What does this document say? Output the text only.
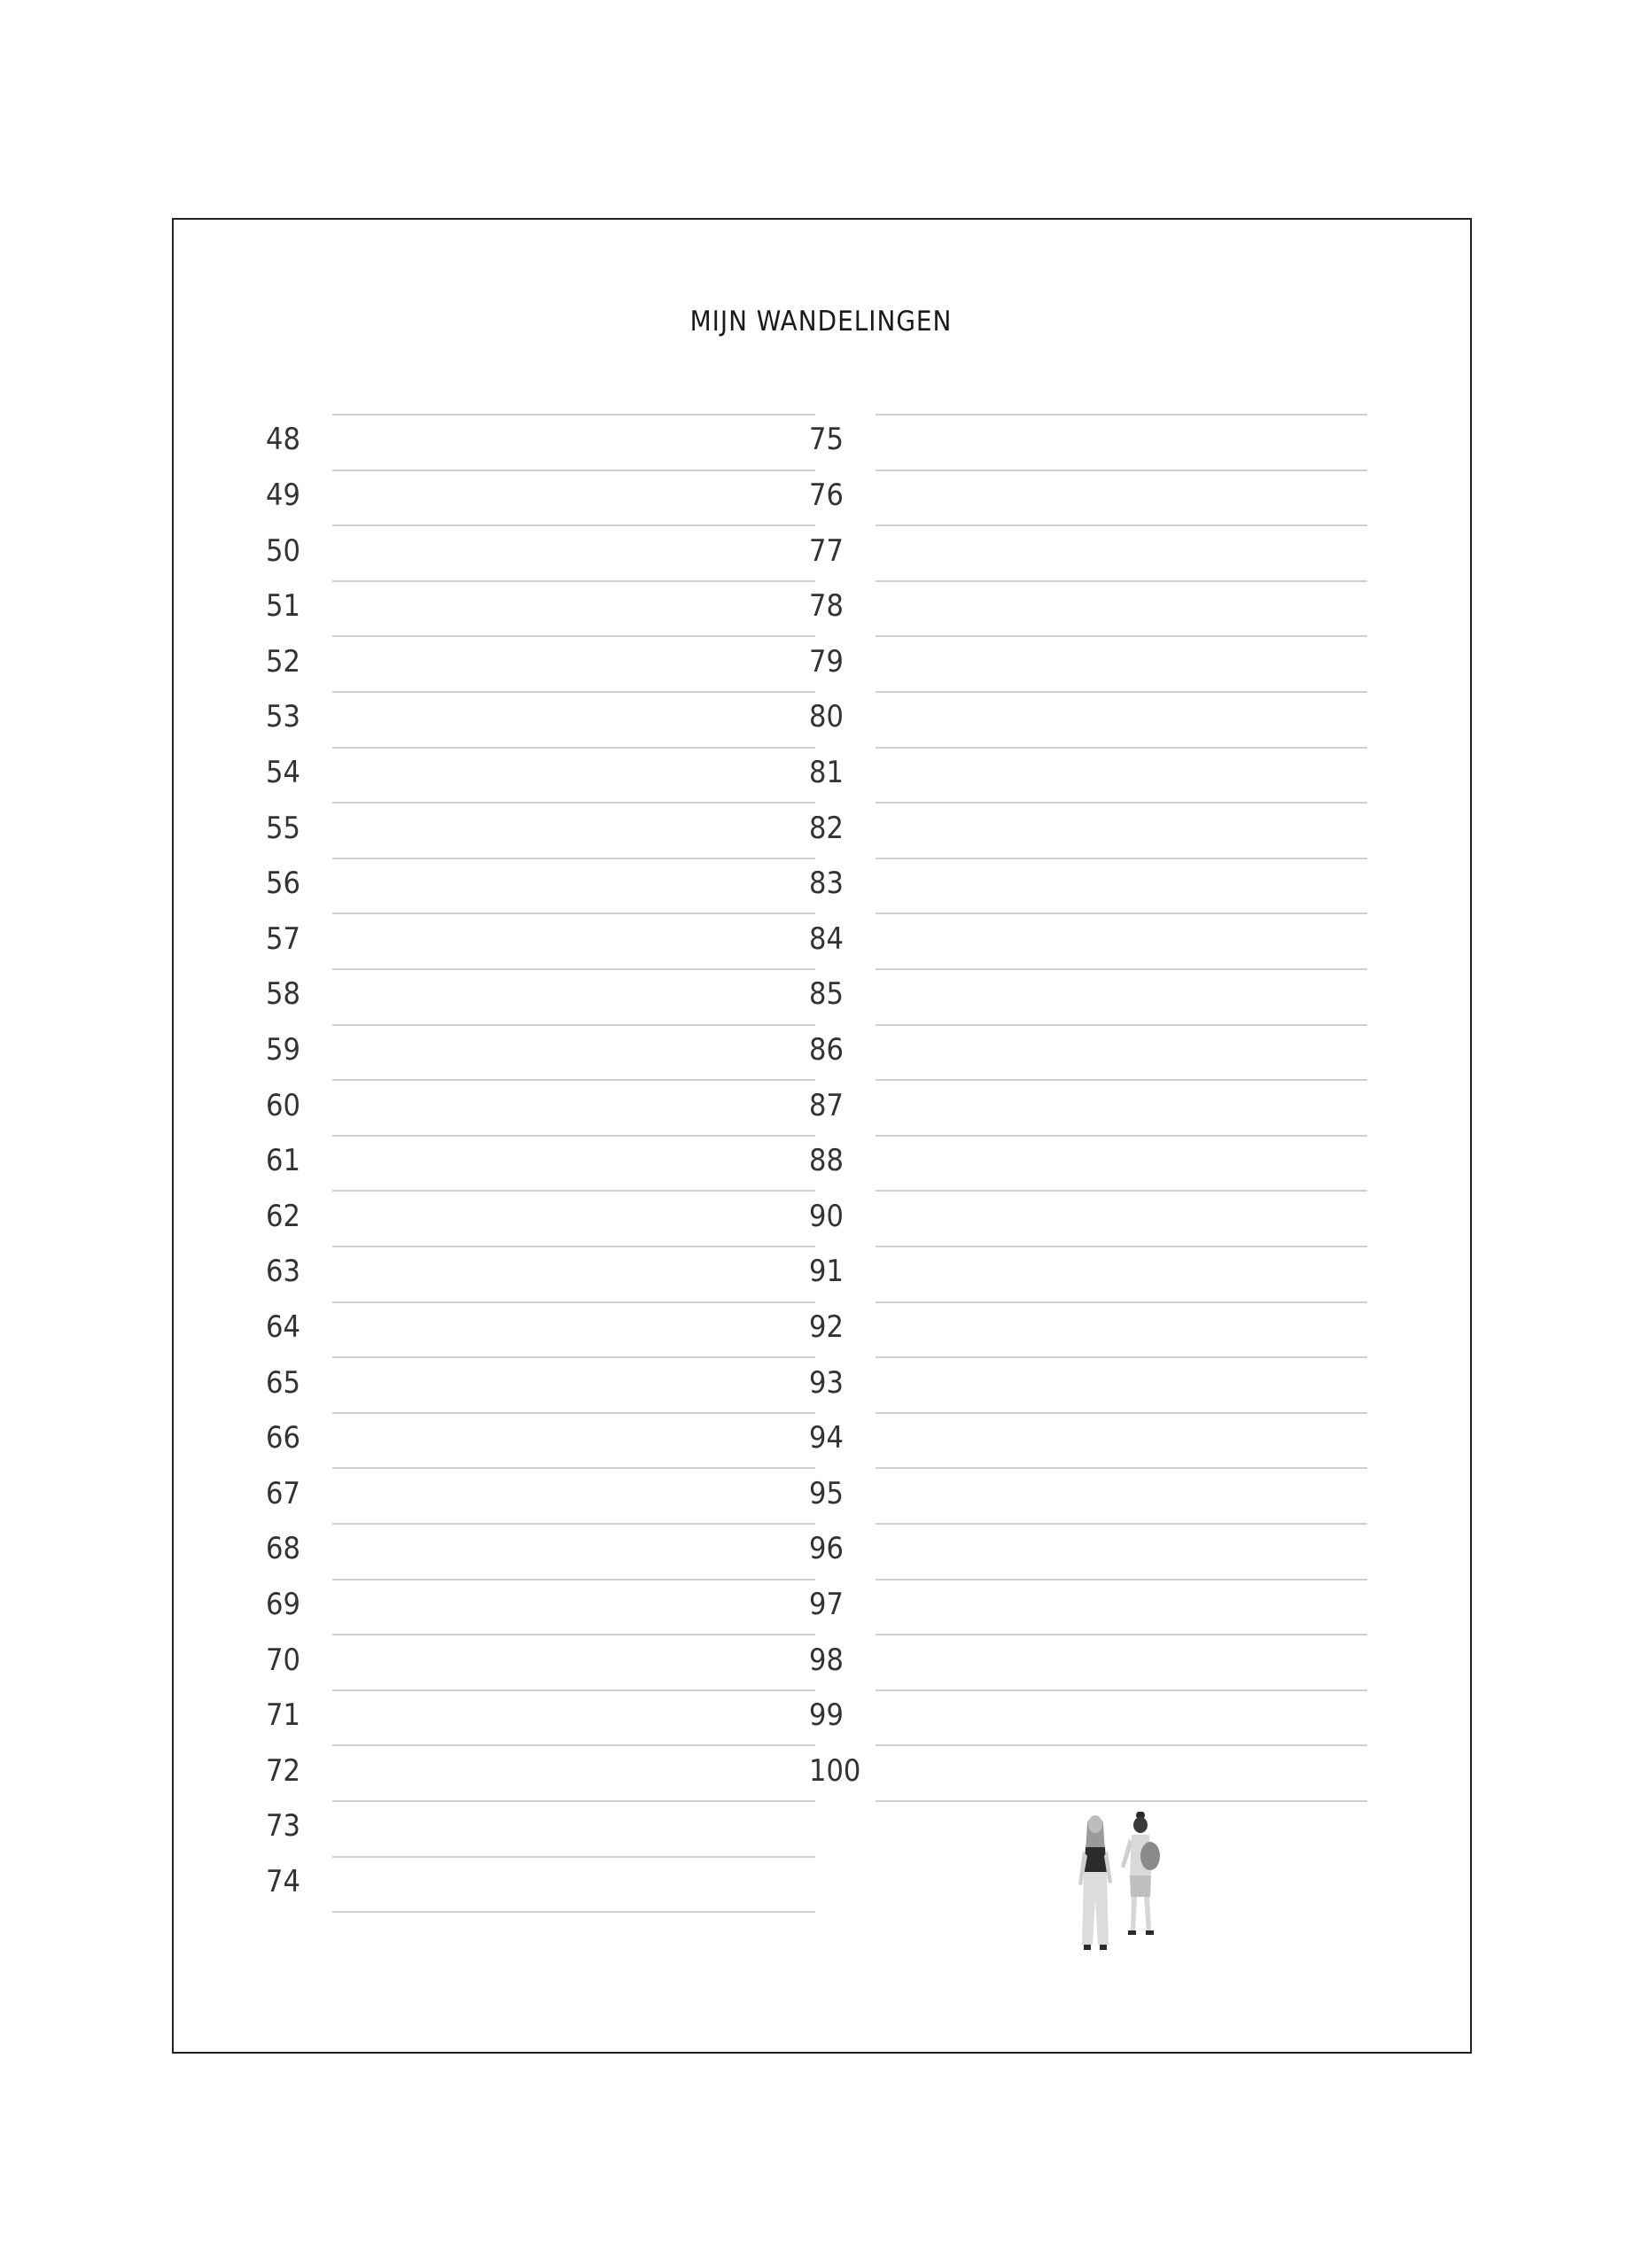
MIJN WANDELINGEN
48
49
50
51
52
53
54
55
56
57
58
59
60
61
62
63
64
65
66
67
68
69
70
71
72
73
74
75
76
77
78
79
80
81
82
83
84
85
86
87
88
90
91
92
93
94
95
96
97
98
99
100
